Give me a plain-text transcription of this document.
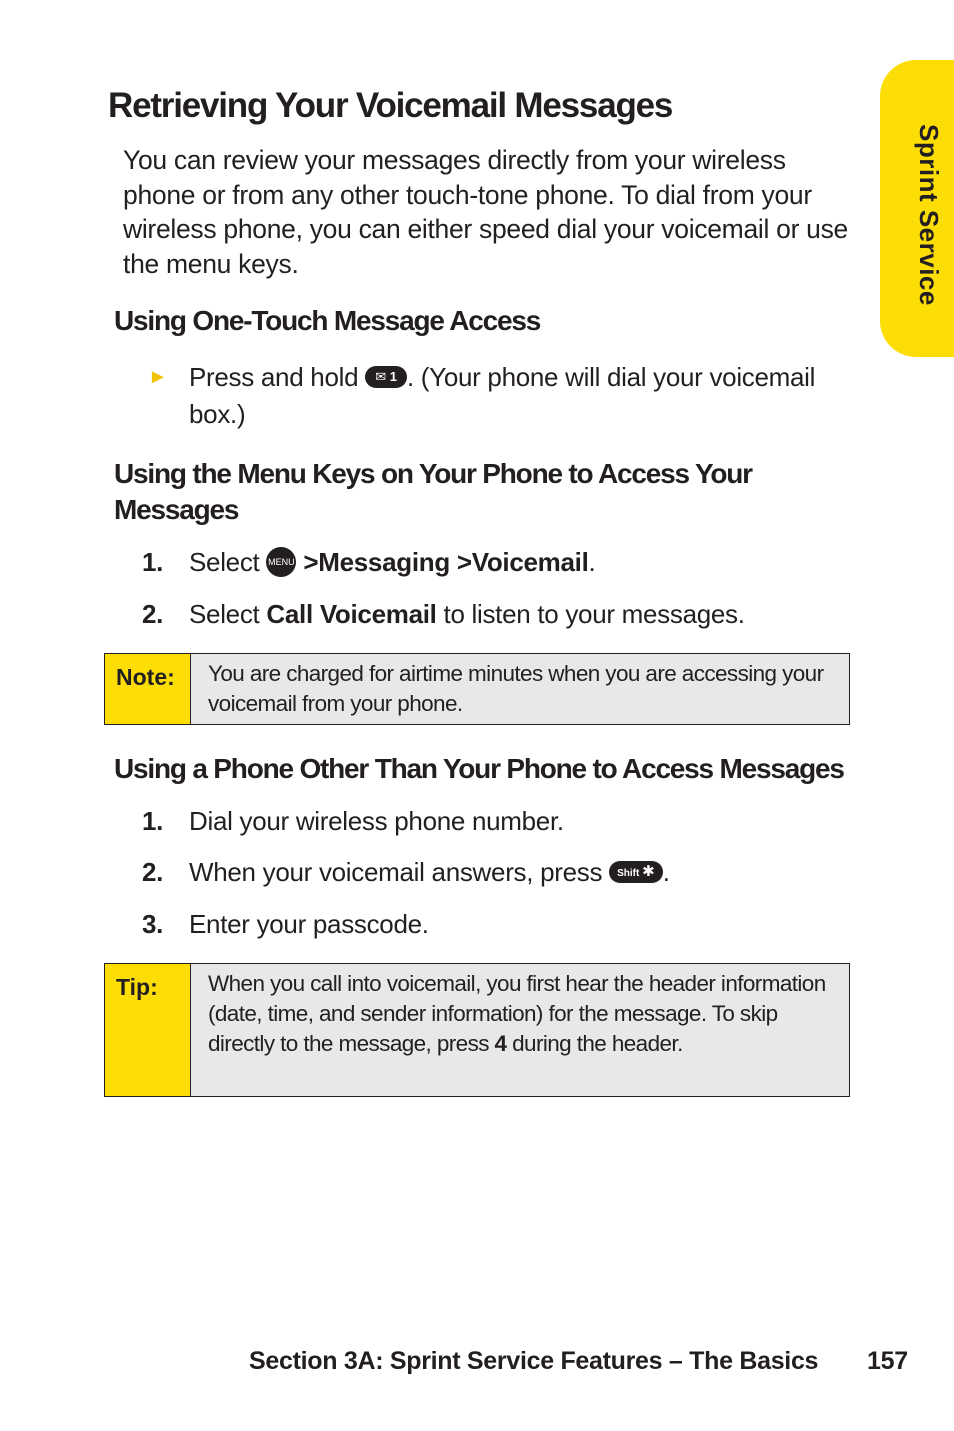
Sprint Service
Retrieving Your Voicemail Messages

You can review your messages directly from your wireless phone or from any other touch-tone phone. To dial from your wireless phone, you can either speed dial your voicemail or use the menu keys.

Using One-Touch Message Access
► Press and hold ✉ 1 . (Your phone will dial your voicemail box.)

Using the Menu Keys on Your Phone to Access Your
Messages
1. Select MENU

OK
>Messaging >Voicemail.
2. Select Call Voicemail to listen to your messages.
Note:	You are charged for airtime minutes when you are accessing your voicemail from your phone.
Using a Phone Other Than Your Phone to Access Messages
1. Dial your wireless phone number.
2. When your voicemail answers, press Shift ✱ .
3. Enter your passcode.
Tip:	When you call into voicemail, you first hear the header information (date, time, and sender information) for the message. To skip directly to the message, press 4 during the header.
Section 3A: Sprint Service Features – The Basics 157
